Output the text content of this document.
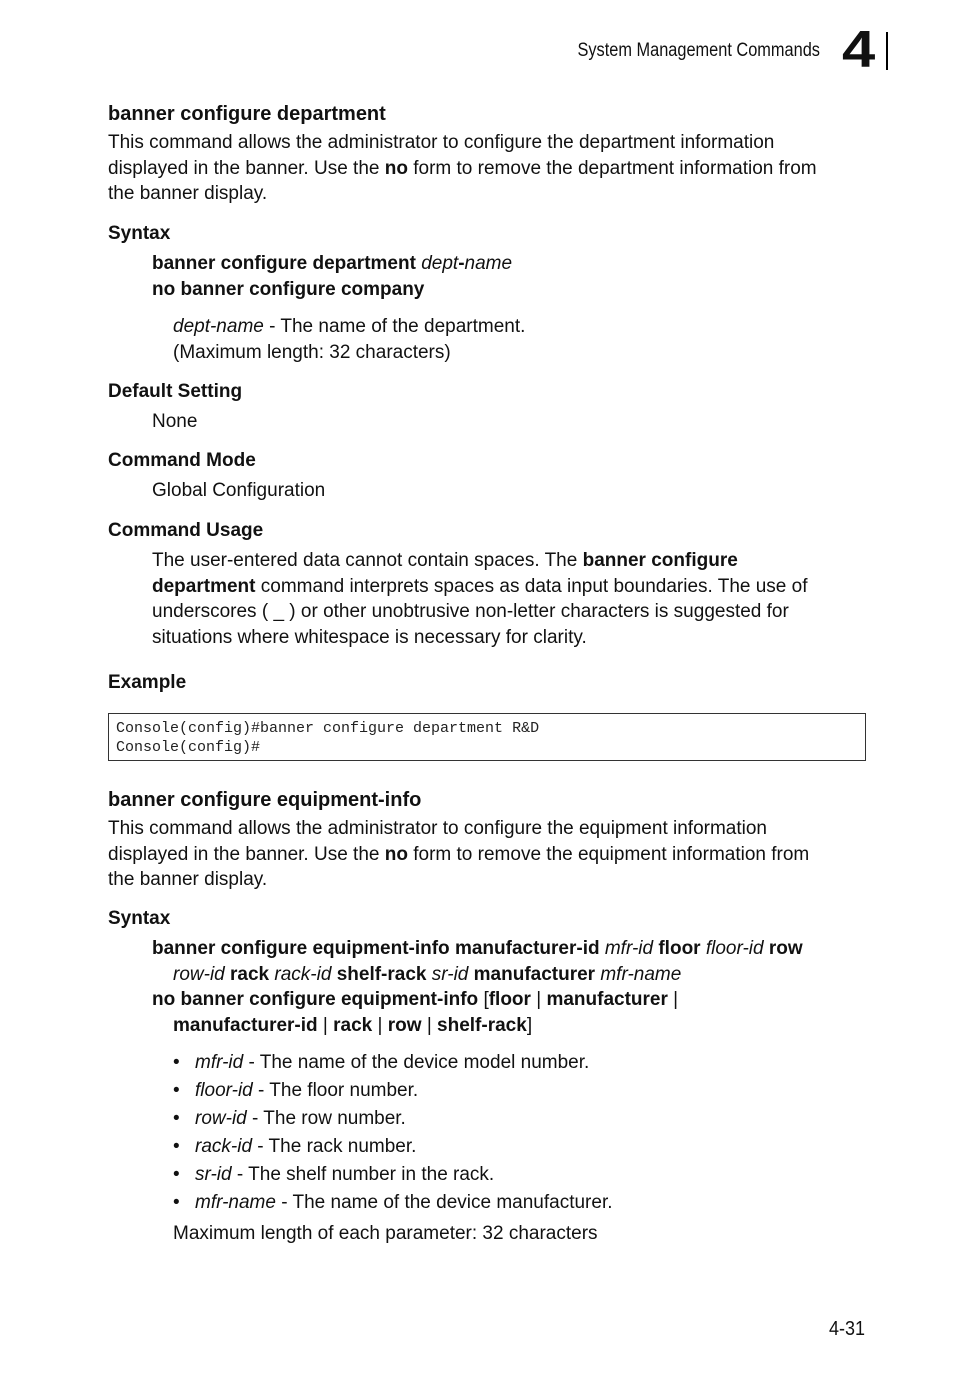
System Management Commands 4
banner configure department
This command allows the administrator to configure the department information
displayed in the banner. Use the no form to remove the department information from
the banner display.
Syntax
banner configure department dept-name
no banner configure company
dept-name - The name of the department.
(Maximum length: 32 characters)
Default Setting
None
Command Mode
Global Configuration
Command Usage
The user-entered data cannot contain spaces. The banner configure
department command interprets spaces as data input boundaries. The use of
underscores ( _ ) or other unobtrusive non-letter characters is suggested for
situations where whitespace is necessary for clarity.
Example
Console(config)#banner configure department R&D
Console(config)#
banner configure equipment-info
This command allows the administrator to configure the equipment information
displayed in the banner. Use the no form to remove the equipment information from
the banner display.
Syntax
banner configure equipment-info manufacturer-id mfr-id floor floor-id row
row-id rack rack-id shelf-rack sr-id manufacturer mfr-name
no banner configure equipment-info [floor | manufacturer |
manufacturer-id | rack | row | shelf-rack]
• mfr-id - The name of the device model number.
• floor-id - The floor number.
• row-id - The row number.
• rack-id - The rack number.
• sr-id - The shelf number in the rack.
• mfr-name - The name of the device manufacturer.
Maximum length of each parameter: 32 characters
4-31
